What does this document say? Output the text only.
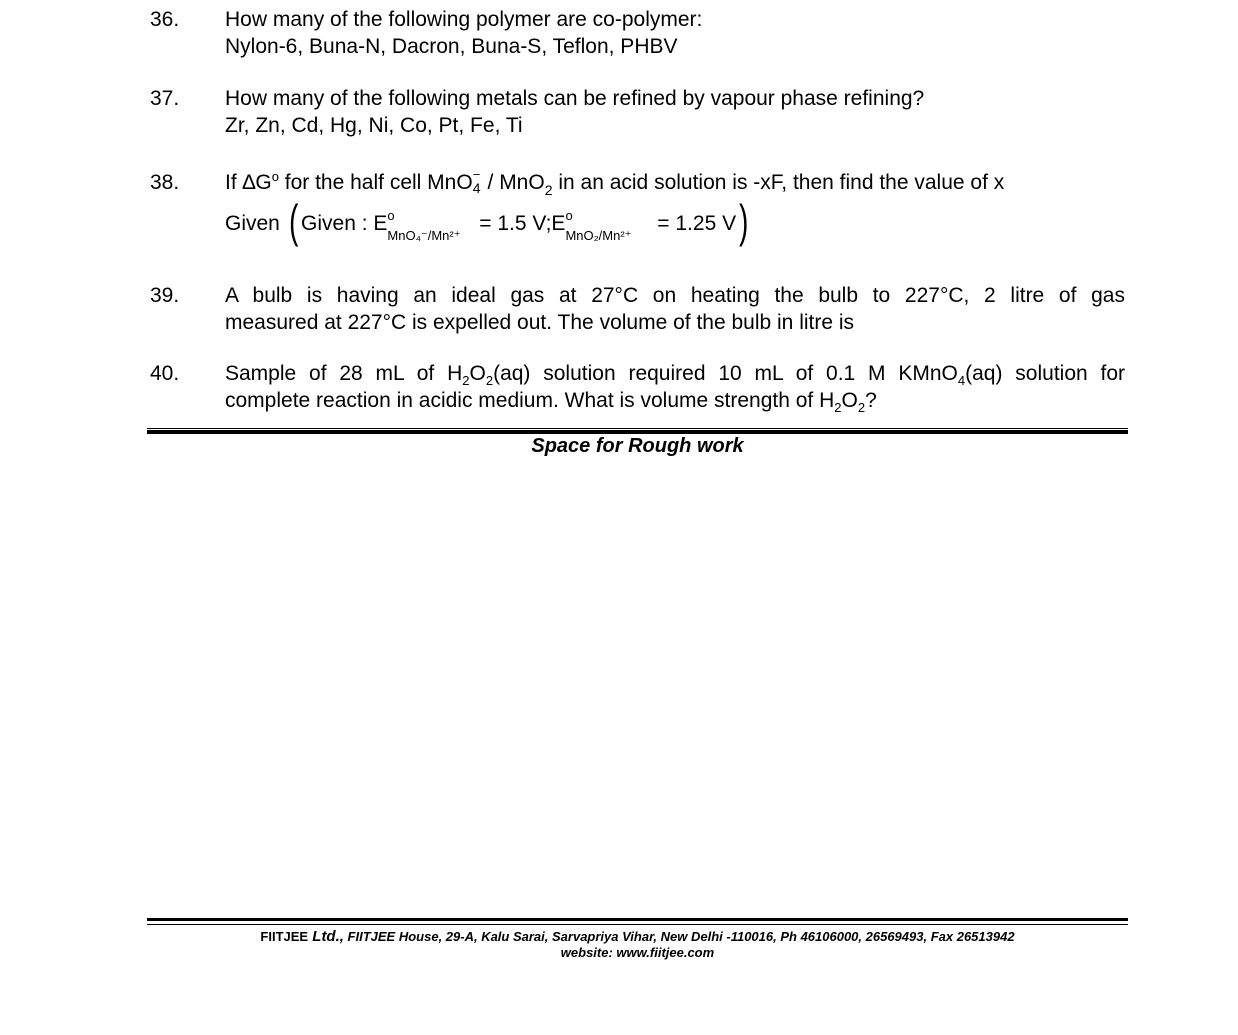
36. How many of the following polymer are co-polymer:
Nylon-6, Buna-N, Dacron, Buna-S, Teflon, PHBV
37. How many of the following metals can be refined by vapour phase refining?
Zr, Zn, Cd, Hg, Ni, Co, Pt, Fe, Ti
38. If $\Delta G^o$ for the half cell MnO −
4 / MnO$_2$ in an acid solution is -xF, then find the value of x
Given ( Given : E o
MnO₄⁻/Mn²⁺
= 1.5 V;E o
MnO₂/Mn²⁺
= 1.25 V)
39. A bulb is having an ideal gas at 27°C on heating the bulb to 227°C, 2 litre of gas
measured at 227°C is expelled out. The volume of the bulb in litre is
40. Sample of 28 mL of $H_2O_2(aq)$ solution required 10 mL of 0.1 M KMnO$_4$(aq) solution for
complete reaction in acidic medium. What is volume strength of $H_2O_2$?
Space for Rough work
FIITJEE Ltd., FIITJEE House, 29-A, Kalu Sarai, Sarvapriya Vihar, New Delhi -110016, Ph 46106000, 26569493, Fax 26513942
website: www.fiitjee.com
